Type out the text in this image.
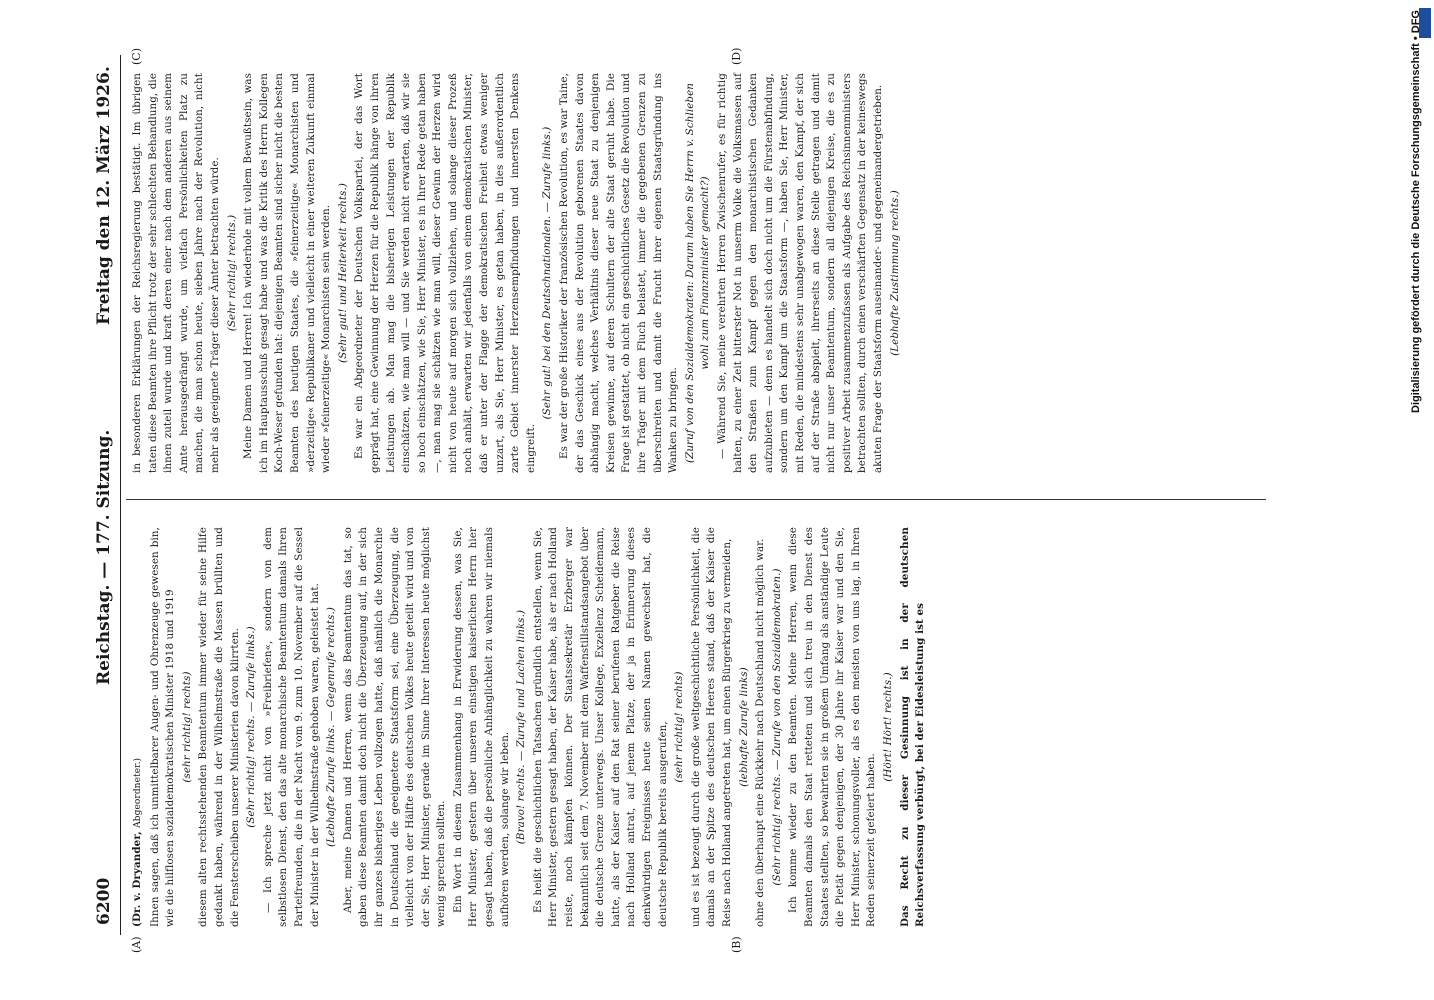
6200
Reichstag. — 177. Sitzung.
Freitag den 12. März 1926.
(A)	(B)
(C)	(D)

(Dr. v. Dryander, Abgeordneter.) Ihnen sagen, daß ich unmittelbarer Augen- und Ohrenzeuge gewesen bin, wie die hilflosen sozialdemokratischen Minister 1918 und 1919 (sehr richtig! rechts) diesem alten rechtsstehenden Beamtentum immer wieder für seine Hilfe gedankt haben, während in der Wilhelmstraße die Massen brüllten und die Fensterscheiben unserer Ministerien davon klirrten. (Sehr richtig! rechts. — Zurufe links.) — Ich spreche jetzt nicht von »Freibriefen«, sondern von dem selbstlosen Dienst, den das alte monarchische Beamtentum damals Ihren Parteifreunden, die in der Nacht vom 9. zum 10. November auf die Sessel der Minister in der Wilhelmstraße gehoben waren, geleistet hat. (Lebhafte Zurufe links. — Gegenrufe rechts.) Aber, meine Damen und Herren, wenn das Beamtentum das tat, so gaben diese Beamten damit doch nicht die Überzeugung auf, in der sich ihr ganzes bisheriges Leben vollzogen hatte, daß nämlich die Monarchie in Deutschland die geeignetere Staatsform sei, eine Überzeugung, die vielleicht von der Hälfte des deutschen Volkes heute geteilt wird und von der Sie, Herr Minister, gerade im Sinne Ihrer Interessen heute möglichst wenig sprechen sollten. Ein Wort in diesem Zusammenhang in Erwiderung dessen, was Sie, Herr Minister, gestern über unseren einstigen kaiserlichen Herrn hier gesagt haben, daß die persönliche Anhänglichkeit zu wahren wir niemals aufhören werden, solange wir leben. (Bravo! rechts. — Zurufe und Lachen links.) Es heißt die geschichtlichen Tatsachen gründlich entstellen, wenn Sie, Herr Minister, gestern gesagt haben, der Kaiser habe, als er nach Holland reiste, noch kämpfen können. Der Staatssekretär Erzberger war bekanntlich seit dem 7. November mit dem Waffenstillstandsangebot über die deutsche Grenze unterwegs. Unser Kollege, Exzellenz Scheidemann, hatte, als der Kaiser auf den Rat seiner berufenen Ratgeber die Reise nach Holland antrat, auf jenem Platze, der ja in Erinnerung dieses denkwürdigen Ereignisses heute seinen Namen gewechselt hat, die deutsche Republik bereits ausgerufen, (sehr richtig! rechts) und es ist bezeugt durch die große weltgeschichtliche Persönlichkeit, die damals an der Spitze des deutschen Heeres stand, daß der Kaiser die Reise nach Holland angetreten hat, um einen Bürgerkrieg zu vermeiden, (lebhafte Zurufe links) ohne den überhaupt eine Rückkehr nach Deutschland nicht möglich war. (Sehr richtig! rechts. — Zurufe von den Sozialdemokraten.) Ich komme wieder zu den Beamten. Meine Herren, wenn diese Beamten damals den Staat retteten und sich treu in den Dienst des Staates stellten, so bewahrten sie in großem Umfang als anständige Leute die Pietät gegen denjenigen, der 30 Jahre ihr Kaiser war und den Sie, Herr Minister, schonungsvoller, als es den meisten von uns lag, in Ihren Reden seinerzeit gefeiert haben.

(Hört! Hört! rechts.) Das Recht zu dieser Gesinnung ist in der deutschen Reichsverfassung verbürgt, bei der Eidesleistung ist es

in besonderen Erklärungen der Reichsregierung bestätigt. Im übrigen taten diese Beamten ihre Pflicht trotz der sehr schlechten Behandlung, die ihnen zuteil wurde und kraft deren einer nach dem anderen aus seinem Amte herausgedrängt wurde, um vielfach Persönlichkeiten Platz zu machen, die man schon heute, sieben Jahre nach der Revolution, nicht mehr als geeignete Träger dieser Ämter betrachten würde. (Sehr richtig! rechts.) Meine Damen und Herren! Ich wiederhole mit vollem Bewußtsein, was ich im Hauptausschuß gesagt habe und was die Kritik des Herrn Kollegen Koch-Weser gefunden hat: diejenigen Beamten sind sicher nicht die besten Beamten des heutigen Staates, die »feinerzeitige« Monarchisten und »derzeitige« Republikaner und vielleicht in einer weiteren Zukunft einmal wieder »feinerzeitige« Monarchisten sein werden. (Sehr gut! und Heiterkeit rechts.) Es war ein Abgeordneter der Deutschen Volkspartei, der das Wort geprägt hat, eine Gewinnung der Herzen für die Republik hänge von ihren Leistungen ab. Man mag die bisherigen Leistungen der Republik einschätzen, wie man will — und Sie werden nicht erwarten, daß wir sie so hoch einschätzen, wie Sie, Herr Minister, es in Ihrer Rede getan haben —, man mag sie schätzen wie man will, dieser Gewinn der Herzen wird nicht von heute auf morgen sich vollziehen, und solange dieser Prozeß noch anhält, erwarten wir jedenfalls von einem demokratischen Minister, daß er unter der Flagge der demokratischen Freiheit etwas weniger unzart, als Sie, Herr Minister, es getan haben, in dies außerordentlich zarte Gebiet innerster Herzensempfindungen und innersten Denkens eingreift.

(Sehr gut! bei den Deutschnationalen. — Zurufe links.) Es war der große Historiker der französischen Revolution, es war Taine, der das Geschick eines aus der Revolution geborenen Staates davon abhängig macht, welches Verhältnis dieser neue Staat zu denjenigen Kreisen gewinne, auf deren Schultern der alte Staat geruht habe. Die Frage ist gestattet, ob nicht ein geschichtliches Gesetz die Revolution und ihre Träger mit dem Fluch belastet, immer die gegebenen Grenzen zu überschreiten und damit die Frucht ihrer eigenen Staatsgründung ins Wanken zu bringen. (Zuruf von den Sozialdemokraten: Darum haben Sie Herrn v. Schlieben wohl zum Finanzminister gemacht?) — Während Sie, meine verehrten Herren Zwischenrufer, es für richtig halten, zu einer Zeit bitterster Not in unserm Volke die Volksmassen auf den Straßen zum Kampf gegen den monarchistischen Gedanken aufzubieten — denn es handelt sich doch nicht um die Fürstenabfindung, sondern um den Kampf um die Staatsform —, haben Sie, Herr Minister, mit Reden, die mindestens sehr unabgewogen waren, den Kampf, der sich auf der Straße abspielt, ihrerseits an diese Stelle getragen und damit nicht nur unser Beamtentum, sondern all diejenigen Kreise, die es zu positiver Arbeit zusammenzufassen als Aufgabe des Reichsinnenministers betrachten sollten, durch einen verschärften Gegensatz in der keineswegs akuten Frage der Staatsform auseinander- und gegeneinandergetrieben. (Lebhafte Zustimmung rechts.)	Digitalisierung gefördert durch die Deutsche Forschungsgemeinschaft • DFG
